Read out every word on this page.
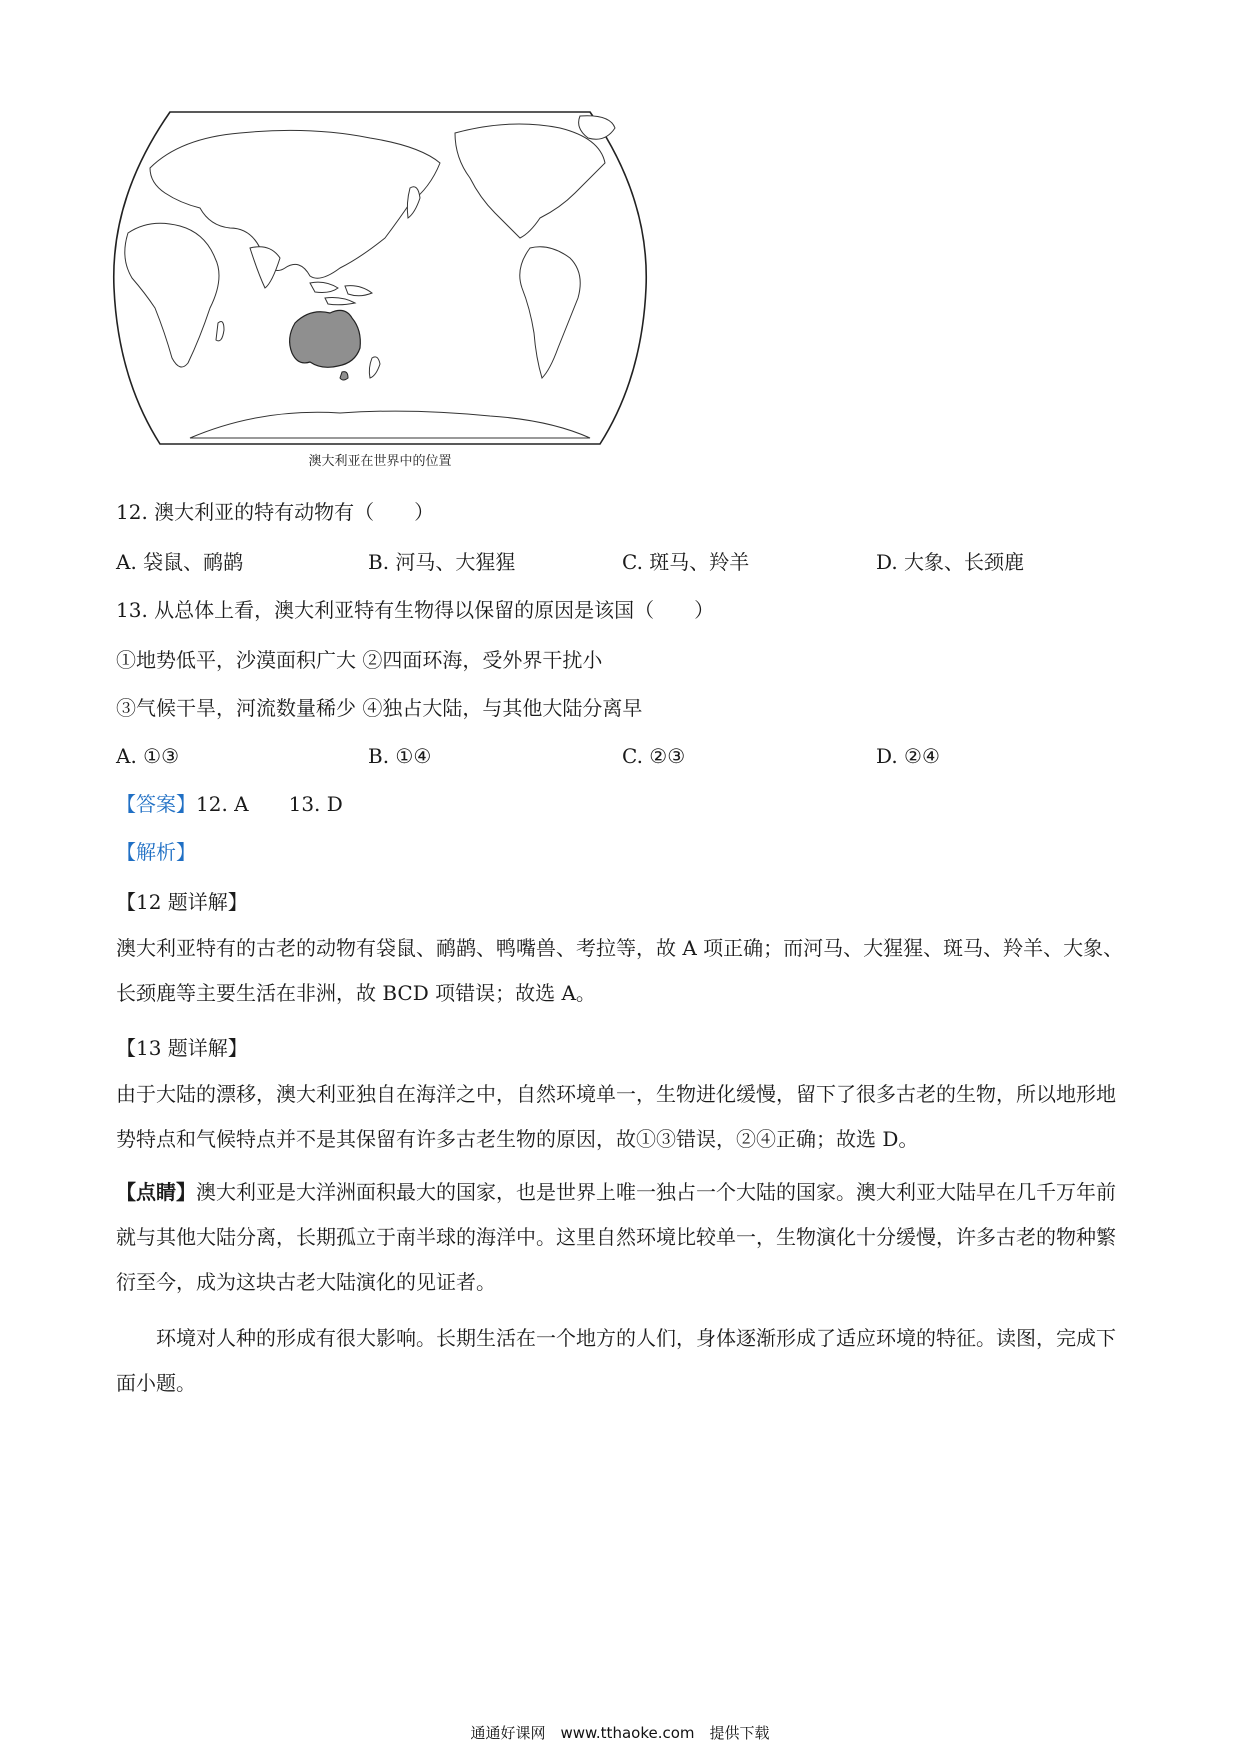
澳大利亚在世界中的位置
12. 澳大利亚的特有动物有（　　）
A. 袋鼠、鸸鹋	B. 河马、大猩猩	C. 斑马、羚羊	D. 大象、长颈鹿
13. 从总体上看，澳大利亚特有生物得以保留的原因是该国（　　）
①地势低平，沙漠面积广大 ②四面环海，受外界干扰小
③气候干旱，河流数量稀少 ④独占大陆，与其他大陆分离早
A. ①③	B. ①④	C. ②③	D. ②④
【答案】12. A　　13. D
【解析】
【12 题详解】
澳大利亚特有的古老的动物有袋鼠、鸸鹋、鸭嘴兽、考拉等，故 A 项正确；而河马、大猩猩、斑马、羚羊、大象、长颈鹿等主要生活在非洲，故 BCD 项错误；故选 A。
【13 题详解】
由于大陆的漂移，澳大利亚独自在海洋之中，自然环境单一，生物进化缓慢，留下了很多古老的生物，所以地形地势特点和气候特点并不是其保留有许多古老生物的原因，故①③错误，②④正确；故选 D。
【点睛】澳大利亚是大洋洲面积最大的国家，也是世界上唯一独占一个大陆的国家。澳大利亚大陆早在几千万年前就与其他大陆分离，长期孤立于南半球的海洋中。这里自然环境比较单一，生物演化十分缓慢，许多古老的物种繁衍至今，成为这块古老大陆演化的见证者。
环境对人种的形成有很大影响。长期生活在一个地方的人们，身体逐渐形成了适应环境的特征。读图，完成下面小题。
通通好课网　www.tthaoke.com　提供下载
